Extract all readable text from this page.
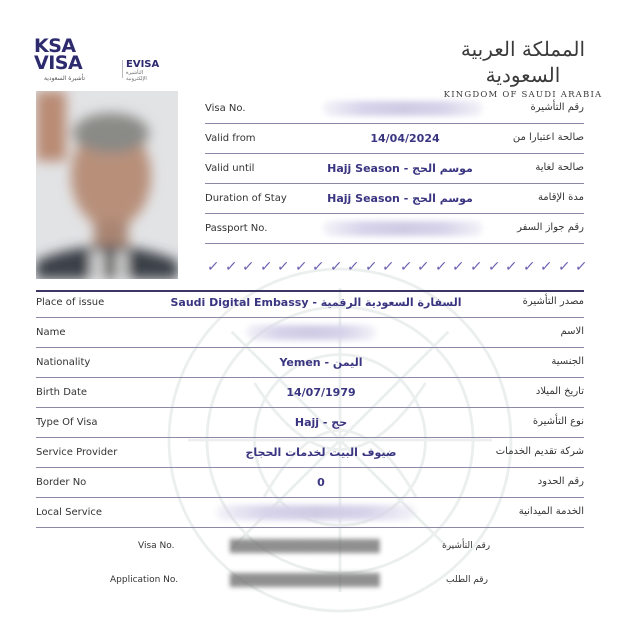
KSA
VISA
تأشيرة السعودية
EVISA
التأشيرة الإلكترونية
المملكة العربية السعودية
KINGDOM OF SAUDI ARABIA
Visa No.	رقم التأشيرة
Valid from	14/04/2024	صالحة اعتبارا من
Valid until	Hajj Season - موسم الحج	صالحة لغاية
Duration of Stay	Hajj Season - موسم الحج	مدة الإقامة
Passport No.	رقم جواز السفر
✓ ✓ ✓ ✓ ✓ ✓ ✓ ✓ ✓ ✓ ✓ ✓ ✓ ✓ ✓ ✓ ✓ ✓ ✓ ✓ ✓ ✓
Place of issue	Saudi Digital Embassy - السفارة السعودية الرقمية	مصدر التأشيرة
Name	الاسم
Nationality	Yemen - اليمن	الجنسية
Birth Date	14/07/1979	تاريخ الميلاد
Type Of Visa	Hajj - حج	نوع التأشيرة
Service Provider	ضيوف البيت لخدمات الحجاج	شركة تقديم الخدمات
Border No	0	رقم الحدود
Local Service	الخدمة الميدانية
Visa No.	رقم التأشيرة
Application No.	رقم الطلب
